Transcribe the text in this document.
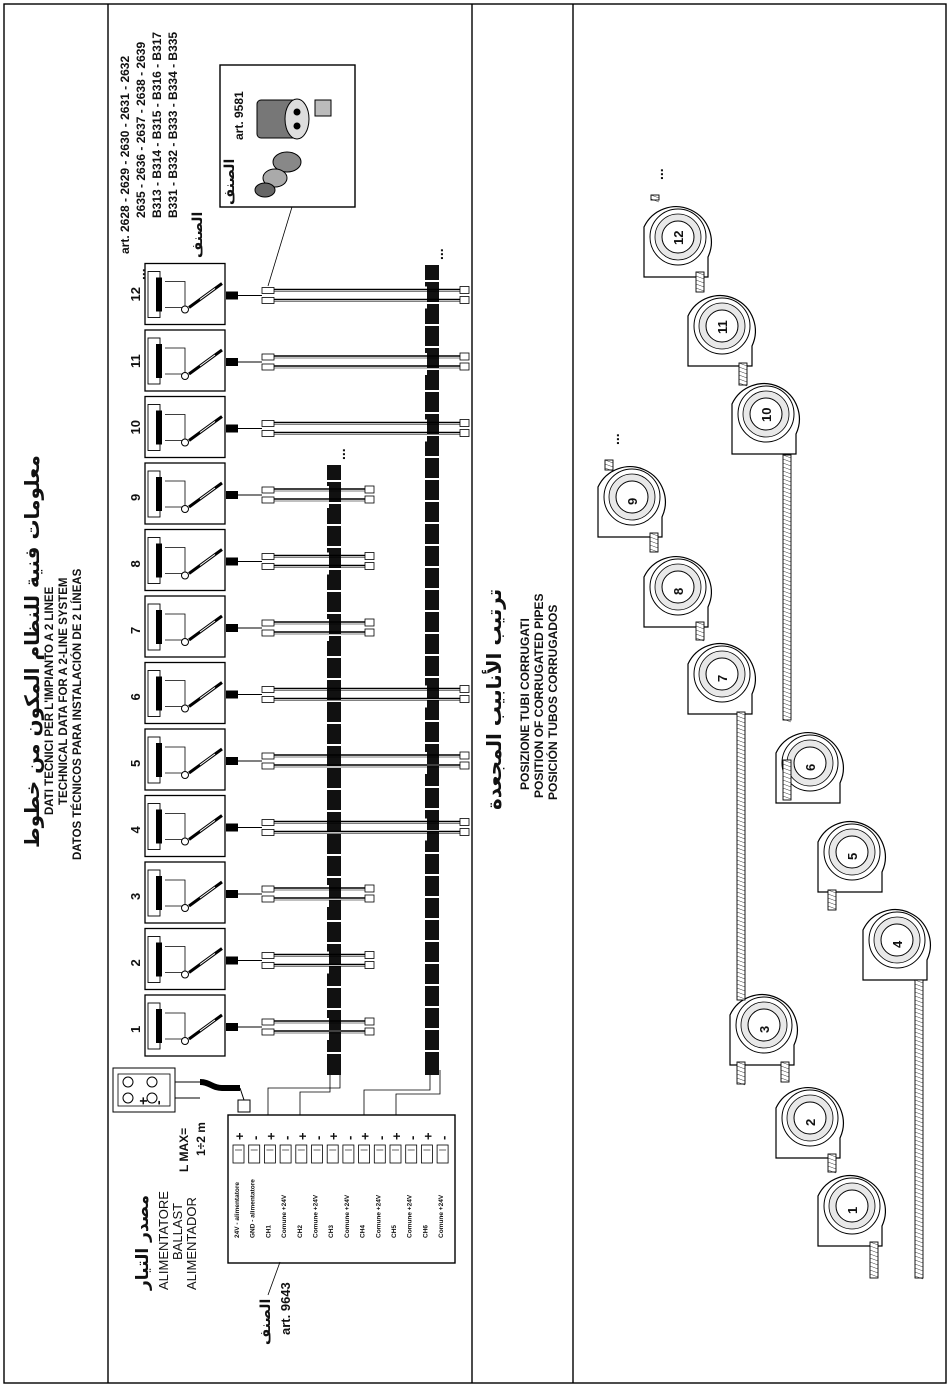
معلومات فنية للنظام المكون من خطوط DATI TECNICI PER L'IMPIANTO A 2 LINEE TECHNICAL DATA FOR A 2-LINE SYSTEM DATOS TÉCNICOS PARA INSTALACIÓN DE 2 LÍNEAS
مصدر التيار ALIMENTATORE BALLAST ALIMENTADOR
L MAX= 1÷2 m
+ -
الصنف art. 9643
art. 2628 - 2629 - 2630 - 2631 - 2632 2635 - 2636 - 2637 - 2638 - 2639 B313 - B314 - B315 - B316 - B317 B331 - B332 - B333 - B334 - B335
الصنف
الصنف
art. 9581
ترتيب الأنابيب المجعدة POSIZIONE TUBI CORRUGATI POSITION OF CORRUGATED PIPES POSICIÓN TUBOS CORRUGADOS
+
24V - alimentatore
-
GND - alimentatore
+
CH1
-
Comune +24V
+
CH2
-
Comune +24V
+
CH3
-
Comune +24V
+
CH4
-
Comune +24V
+
CH5
-
Comune +24V
+
CH6
-
Comune +24V
1
2
3
4
5
6
7
8
9
10
11
12
...
...
...
1
2
3
4
5
6
7
8
9
10
11
12
...
...
